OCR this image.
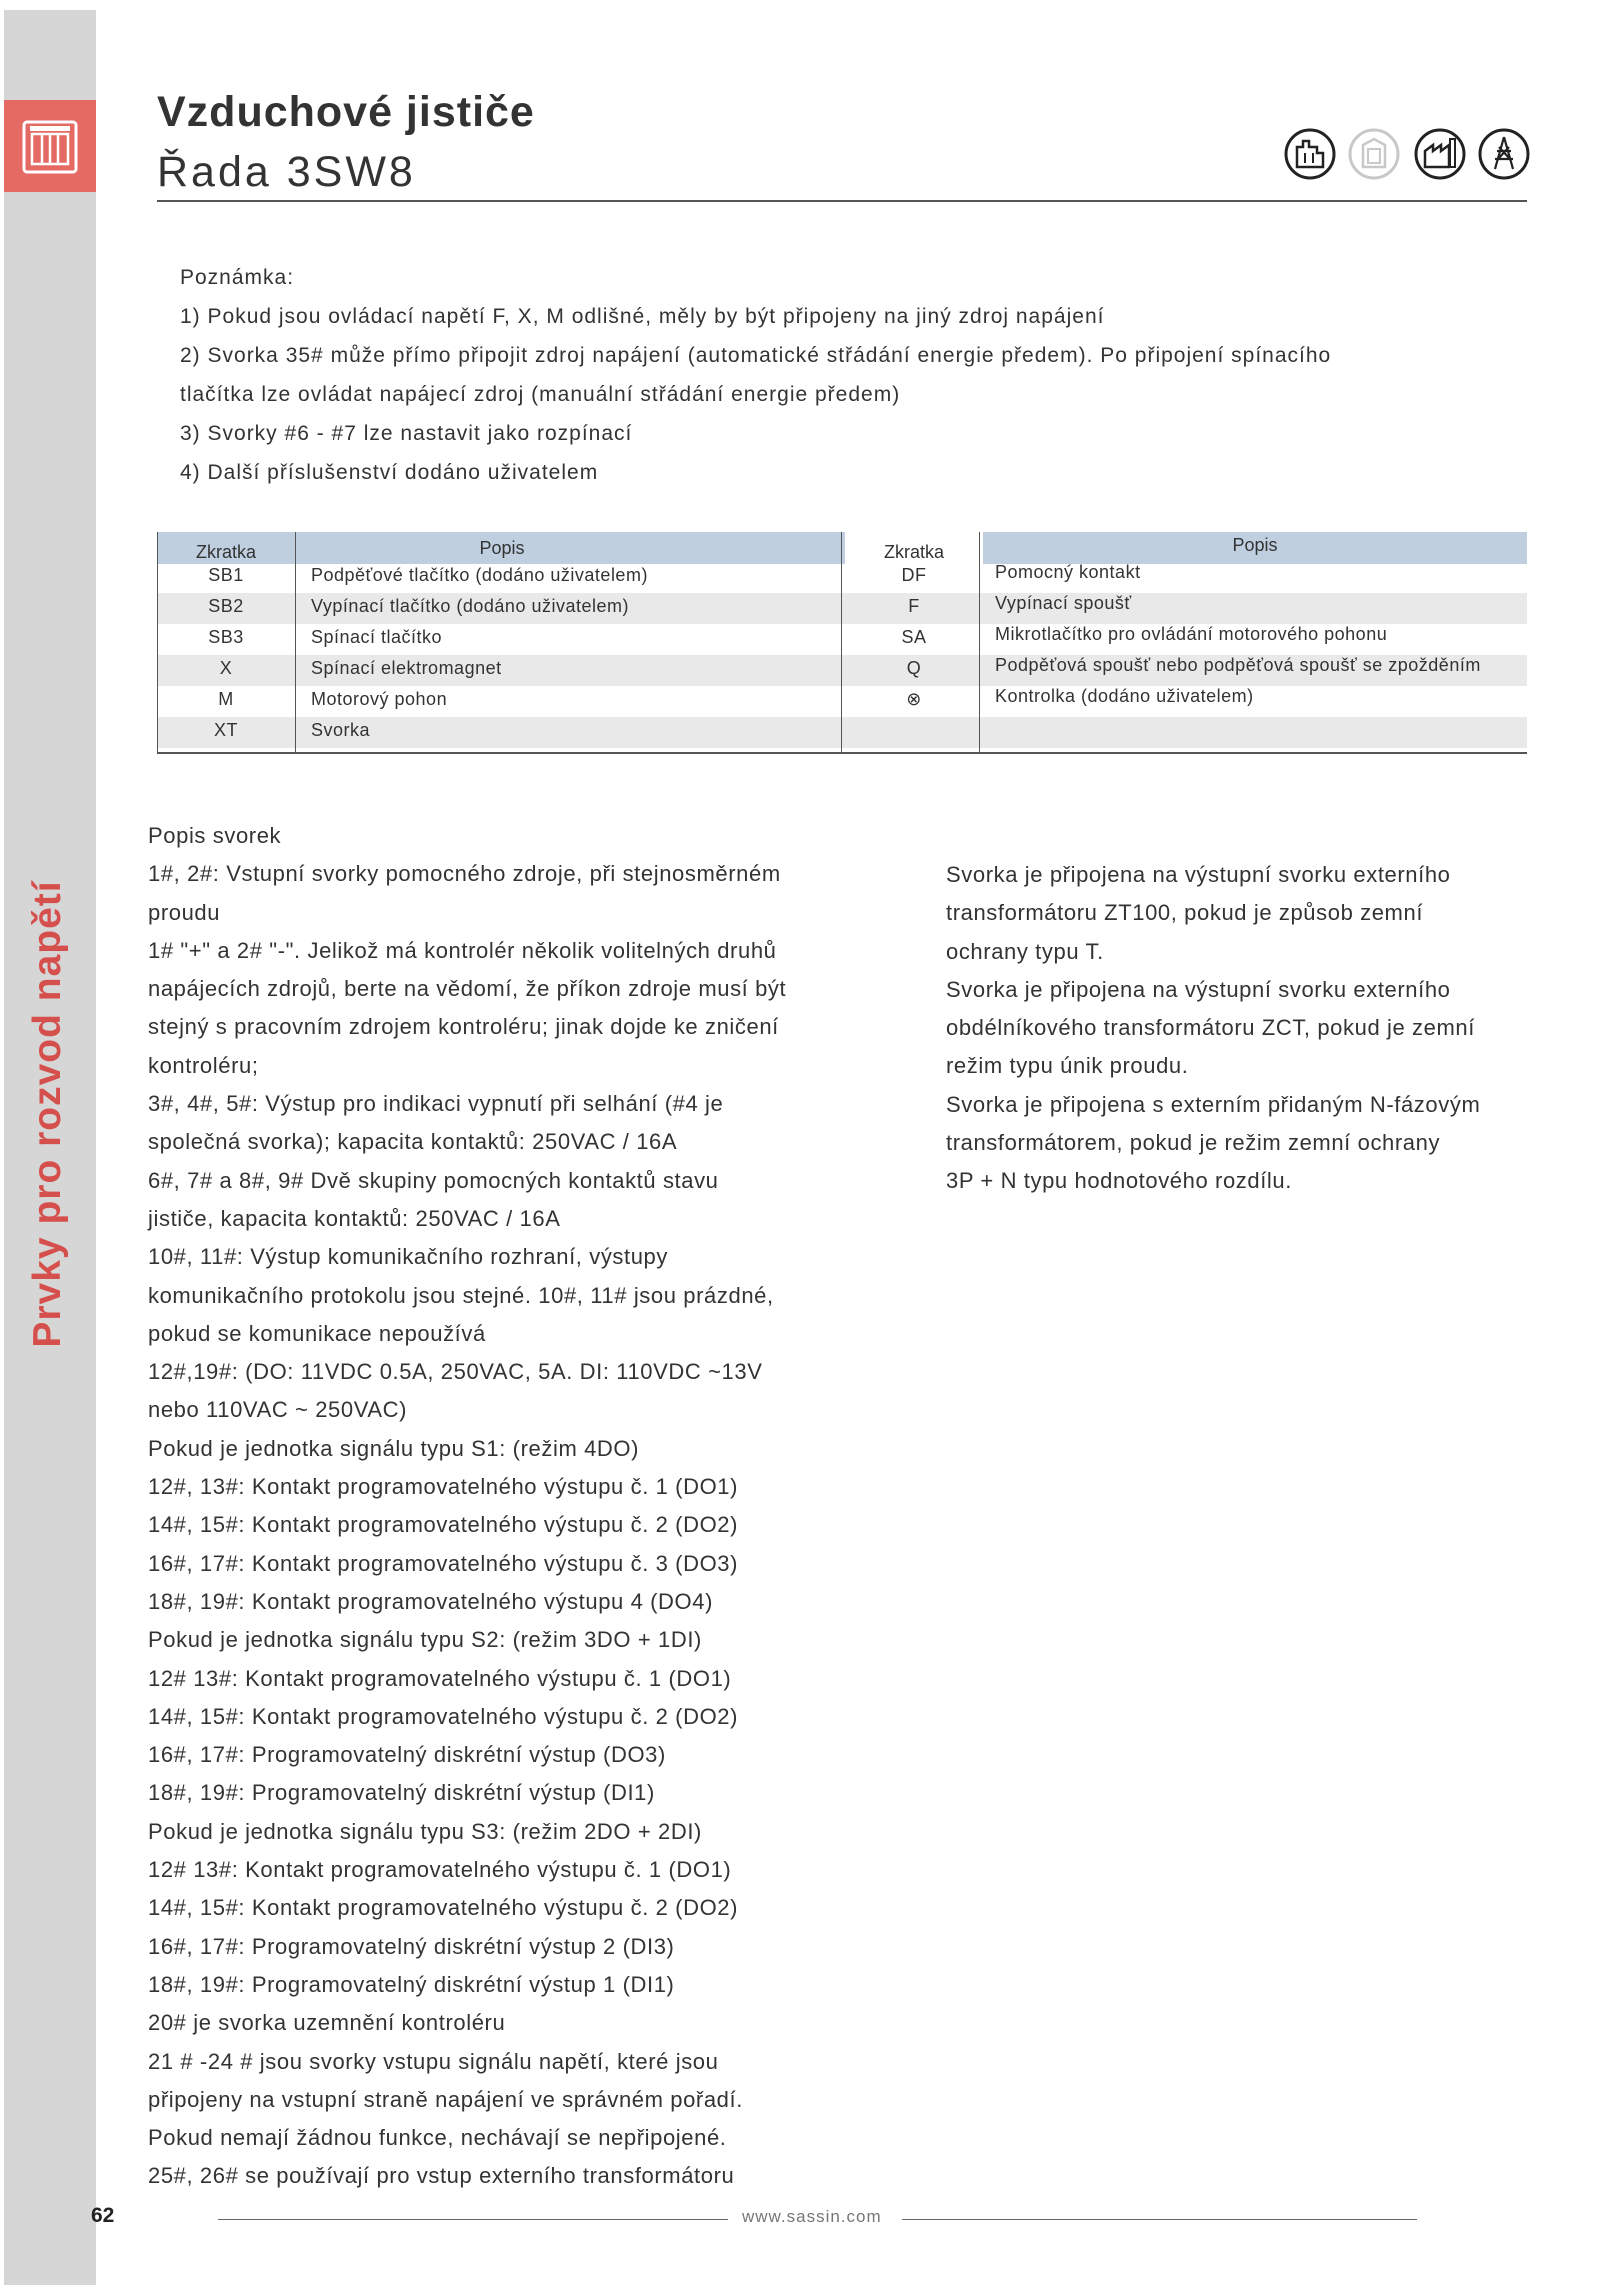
Prvky pro rozvod napětí
Vzduchové jističe
Řada 3SW8
Poznámka:
1) Pokud jsou ovládací napětí F, X, M odlišné, měly by být připojeny na jiný zdroj napájení
2) Svorka 35# může přímo připojit zdroj napájení (automatické střádání energie předem). Po připojení spínacího
tlačítka lze ovládat napájecí zdroj (manuální střádání energie předem)
3) Svorky #6 - #7 lze nastavit jako rozpínací
4) Další příslušenství dodáno uživatelem
Zkratka	Popis	Zkratka	Popis
SB1	Podpěťové tlačítko (dodáno uživatelem)
SB2	Vypínací tlačítko (dodáno uživatelem)
SB3	Spínací tlačítko
X	Spínací elektromagnet
M	Motorový pohon
XT	Svorka
DF	Pomocný kontakt
F	Vypínací spoušť
SA	Mikrotlačítko pro ovládání motorového pohonu
Q	Podpěťová spoušť nebo podpěťová spoušť se zpožděním
⊗	Kontrolka (dodáno uživatelem)
Popis svorek
1#, 2#: Vstupní svorky pomocného zdroje, při stejnosměrném
proudu
1# "+" a 2# "-". Jelikož má kontrolér několik volitelných druhů
napájecích zdrojů, berte na vědomí, že příkon zdroje musí být
stejný s pracovním zdrojem kontroléru; jinak dojde ke zničení
kontroléru;
3#, 4#, 5#: Výstup pro indikaci vypnutí při selhání (#4 je
společná svorka); kapacita kontaktů: 250VAC / 16A
6#, 7# a 8#, 9# Dvě skupiny pomocných kontaktů stavu
jističe, kapacita kontaktů: 250VAC / 16A
10#, 11#: Výstup komunikačního rozhraní, výstupy
komunikačního protokolu jsou stejné. 10#, 11# jsou prázdné,
pokud se komunikace nepoužívá
12#,19#: (DO: 11VDC 0.5A, 250VAC, 5A. DI: 110VDC ~13V
nebo 110VAC ~ 250VAC)
Pokud je jednotka signálu typu S1: (režim 4DO)
12#, 13#: Kontakt programovatelného výstupu č. 1 (DO1)
14#, 15#: Kontakt programovatelného výstupu č. 2 (DO2)
16#, 17#: Kontakt programovatelného výstupu č. 3 (DO3)
18#, 19#: Kontakt programovatelného výstupu 4 (DO4)
Pokud je jednotka signálu typu S2: (režim 3DO + 1DI)
12# 13#: Kontakt programovatelného výstupu č. 1 (DO1)
14#, 15#: Kontakt programovatelného výstupu č. 2 (DO2)
16#, 17#: Programovatelný diskrétní výstup (DO3)
18#, 19#: Programovatelný diskrétní výstup (DI1)
Pokud je jednotka signálu typu S3: (režim 2DO + 2DI)
12# 13#: Kontakt programovatelného výstupu č. 1 (DO1)
14#, 15#: Kontakt programovatelného výstupu č. 2 (DO2)
16#, 17#: Programovatelný diskrétní výstup 2 (DI3)
18#, 19#: Programovatelný diskrétní výstup 1 (DI1)
20# je svorka uzemnění kontroléru
21 # -24 # jsou svorky vstupu signálu napětí, které jsou
připojeny na vstupní straně napájení ve správném pořadí.
Pokud nemají žádnou funkce, nechávají se nepřipojené.
25#, 26# se používají pro vstup externího transformátoru
Svorka je připojena na výstupní svorku externího
transformátoru ZT100, pokud je způsob zemní
ochrany typu T.
Svorka je připojena na výstupní svorku externího
obdélníkového transformátoru ZCT, pokud je zemní
režim typu únik proudu.
Svorka je připojena s externím přidaným N-fázovým
transformátorem, pokud je režim zemní ochrany
3P + N typu hodnotového rozdílu.
62	www.sassin.com
